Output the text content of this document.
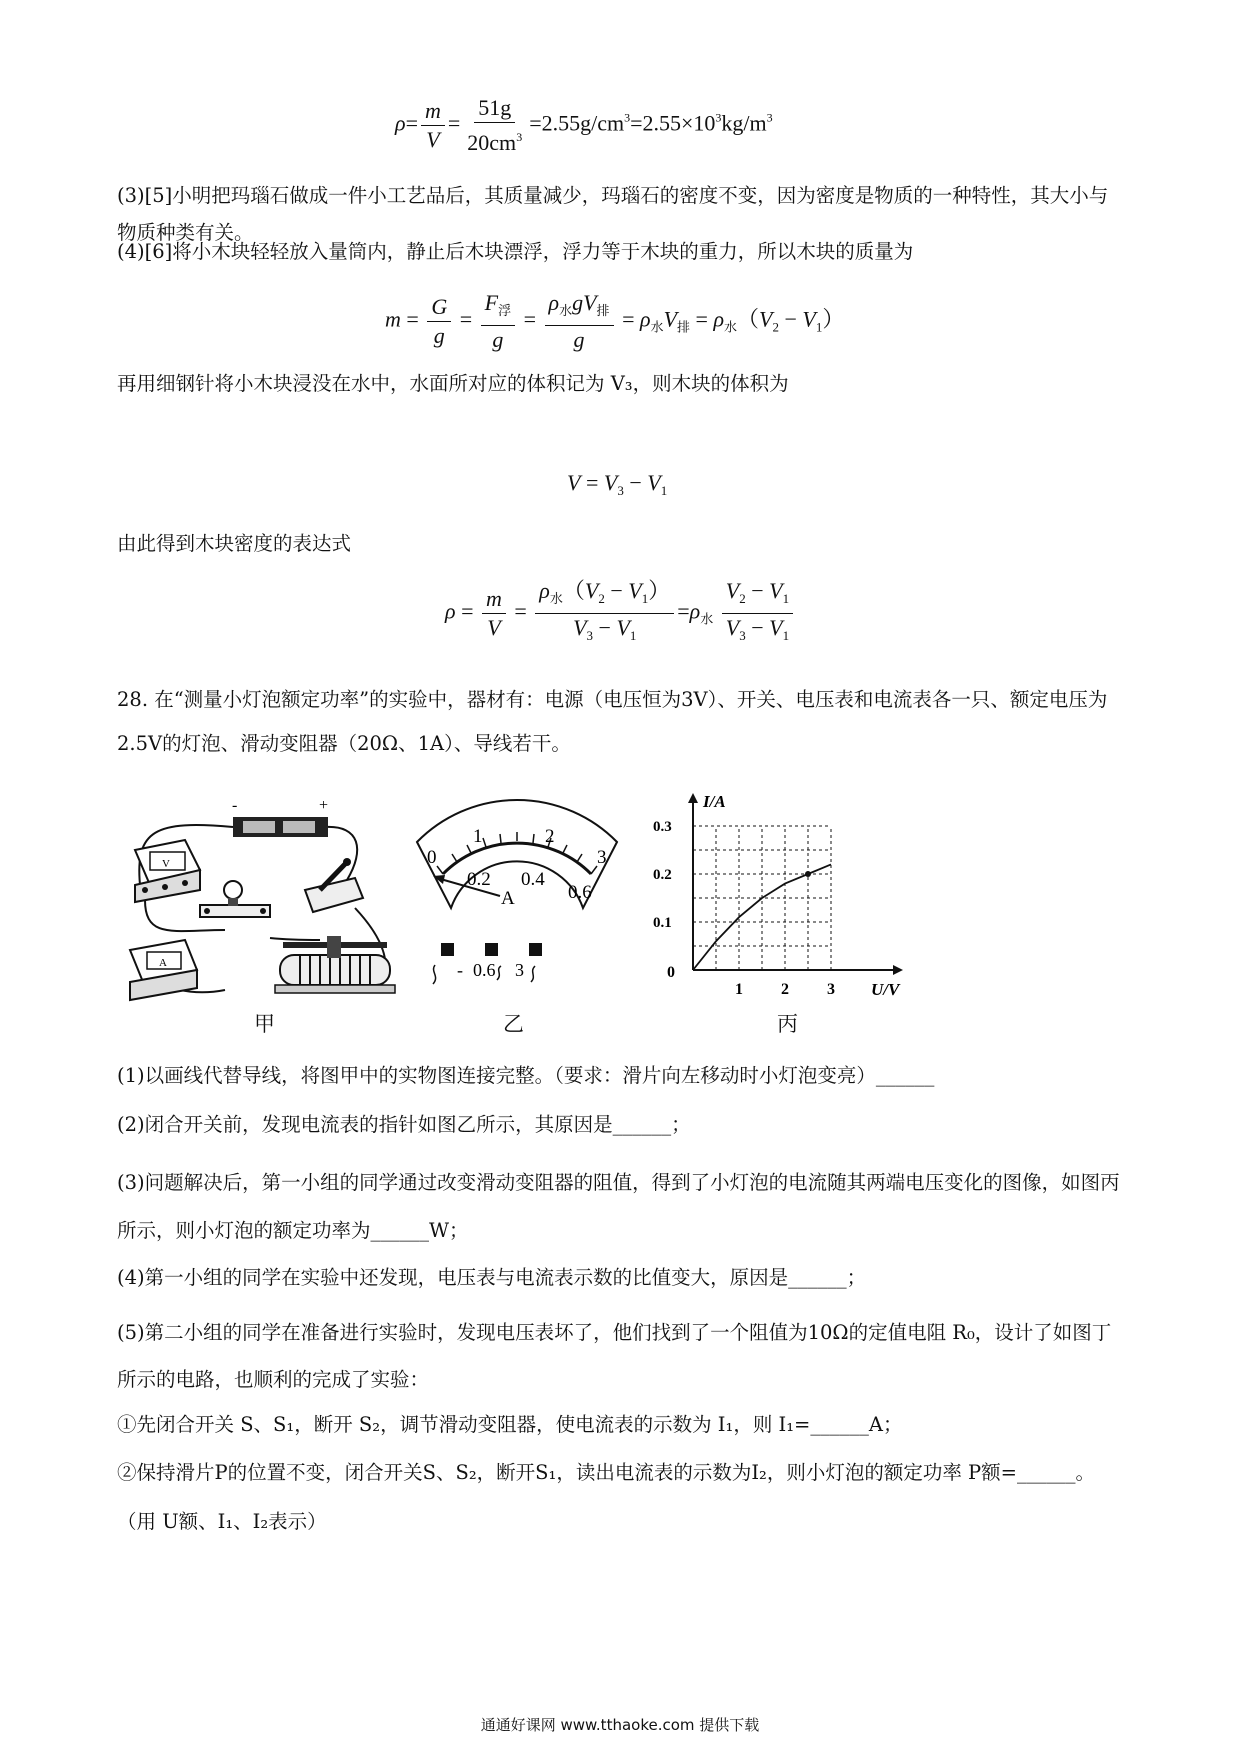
$\rho= \frac{m}{V} = \frac{51g}{20cm^3} =2.55g/cm^3=2.55\times 10^3kg/m^3$

(3)[5]小明把玛瑙石做成一件小工艺品后，其质量减少，玛瑙石的密度不变，因为密度是物质的一种特性，其大小与物质种类有关。

(4)[6]将小木块轻轻放入量筒内，静止后木块漂浮，浮力等于木块的重力，所以木块的质量为

$m = \frac{G}{g} = \frac{F_浮}{g} = \frac{\rho_水gV_排}{g} = \rho_水V_排 = \rho_水(V_2 - V_1)$

再用细钢针将小木块浸没在水中，水面所对应的体积记为 V₃，则木块的体积为

$V = V_3 - V_1$

由此得到木块密度的表达式

$\rho = \frac{m}{V} = \frac{\rho_水(V_2 - V_1)}{V_3 - V_1} =\rho_水 \frac{V_2 - V_1}{V_3 - V_1}$

28. 在“测量小灯泡额定功率”的实验中，器材有：电源（电压恒为3V）、开关、电压表和电流表各一只、额定电压为2.5V的灯泡、滑动变阻器（20Ω、1A）、导线若干。

-	+
V
A
0
1	2
3
0.2 0.4
0.6
A
- 0.6 3
I/A
U/V
0
1 2 3
0.1
0.2
0.3
甲	乙	丙

(1)以画线代替导线，将图甲中的实物图连接完整。（要求：滑片向左移动时小灯泡变亮）______

(2)闭合开关前，发现电流表的指针如图乙所示，其原因是______；

(3)问题解决后，第一小组的同学通过改变滑动变阻器的阻值，得到了小灯泡的电流随其两端电压变化的图像，如图丙所示，则小灯泡的额定功率为______W；

(4)第一小组的同学在实验中还发现，电压表与电流表示数的比值变大，原因是______；

(5)第二小组的同学在准备进行实验时，发现电压表坏了，他们找到了一个阻值为10Ω的定值电阻 R₀，设计了如图丁所示的电路，也顺利的完成了实验：

①先闭合开关 S、S₁，断开 S₂，调节滑动变阻器，使电流表的示数为 I₁，则 I₁=______A；

②保持滑片P的位置不变，闭合开关S、S₂，断开S₁，读出电流表的示数为I₂，则小灯泡的额定功率 P额=______。

（用 U额、I₁、I₂表示）

通通好课网 www.tthaoke.com 提供下载
